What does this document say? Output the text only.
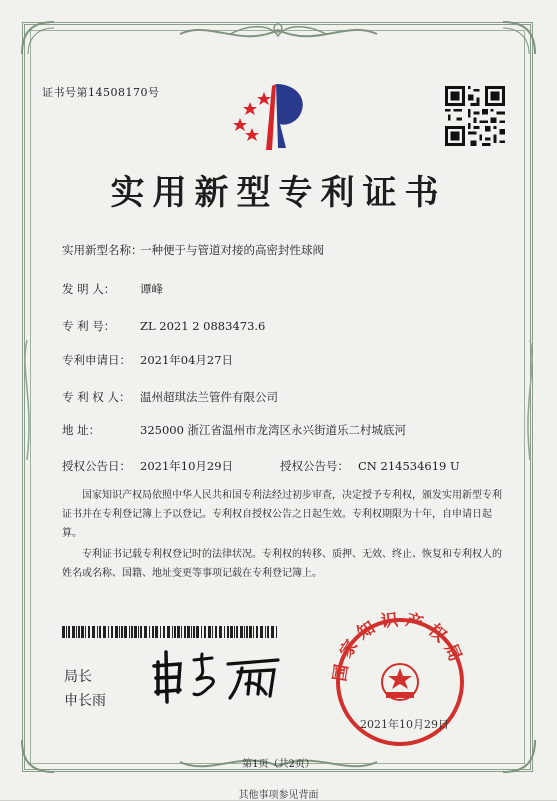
证书号第14508170号
实用新型专利证书
实用新型名称：一种便于与管道对接的高密封性球阀
发 明 人： 谭峰
专 利 号： ZL 2021 2 0883473.6
专利申请日： 2021年04月27日
专 利 权 人： 温州超琪法兰管件有限公司
地 址：	325000 浙江省温州市龙湾区永兴街道乐二村城底河
授权公告日： 2021年10月29日	授权公告号： CN 214534619 U
国家知识产权局依照中华人民共和国专利法经过初步审查，决定授予专利权，颁发实用新型专利证书并在专利登记簿上予以登记。专利权自授权公告之日起生效。专利权期限为十年，自申请日起算。
专利证书记载专利权登记时的法律状况。专利权的转移、质押、无效、终止、恢复和专利权人的姓名或名称、国籍、地址变更等事项记载在专利登记簿上。
局长
申长雨
国家知识产权局
2021年10月29日
第1页（共2页）
其他事项参见背面
